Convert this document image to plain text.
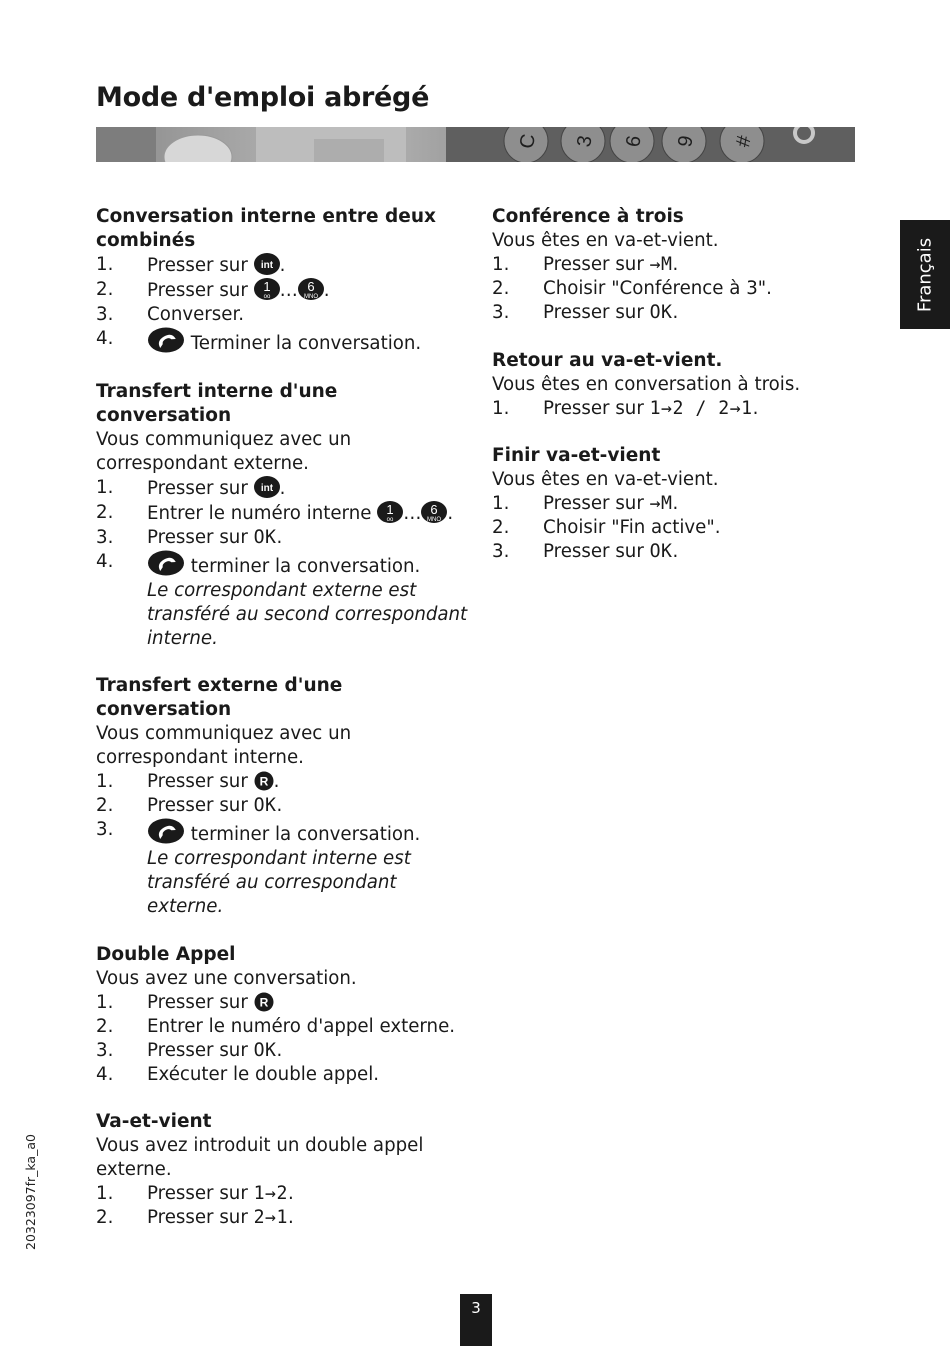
Mode d'emploi abrégé
C 3 6 9 #
Français
Conversation interne entre deux combinés
1. Presser sur int .
2. Presser sur 1
oo … 6
MNO .
3. Converser.
4.	Terminer la conversation.
Transfert interne d'une conversation

Vous communiquez avec un correspondant externe.

1. Presser sur int .
2. Entrer le numéro interne 1
oo … 6
MNO .
3. Presser sur OK.
4.	terminer la conversation.
Le correspondant externe est transféré au second correspondant interne.
Transfert externe d'une conversation

Vous communiquez avec un correspondant interne.

1. Presser sur R .
2. Presser sur OK.
3.	terminer la conversation.
Le correspondant interne est transféré au correspondant externe.
Double Appel

Vous avez une conversation.

1. Presser sur R
2. Entrer le numéro d'appel externe.
3. Presser sur OK.
4. Exécuter le double appel.
Va-et-vient

Vous avez introduit un double appel externe.

1. Presser sur 1→2.
2. Presser sur 2→1.
Conférence à trois

Vous êtes en va-et-vient.

1. Presser sur →M.
2. Choisir "Conférence à 3".
3. Presser sur OK.
Retour au va-et-vient.

Vous êtes en conversation à trois.

1. Presser sur 1→2 / 2→1.
Finir va-et-vient

Vous êtes en va-et-vient.

1. Presser sur →M.
2. Choisir "Fin active".
3. Presser sur OK.
20323097fr_ka_a0
3
